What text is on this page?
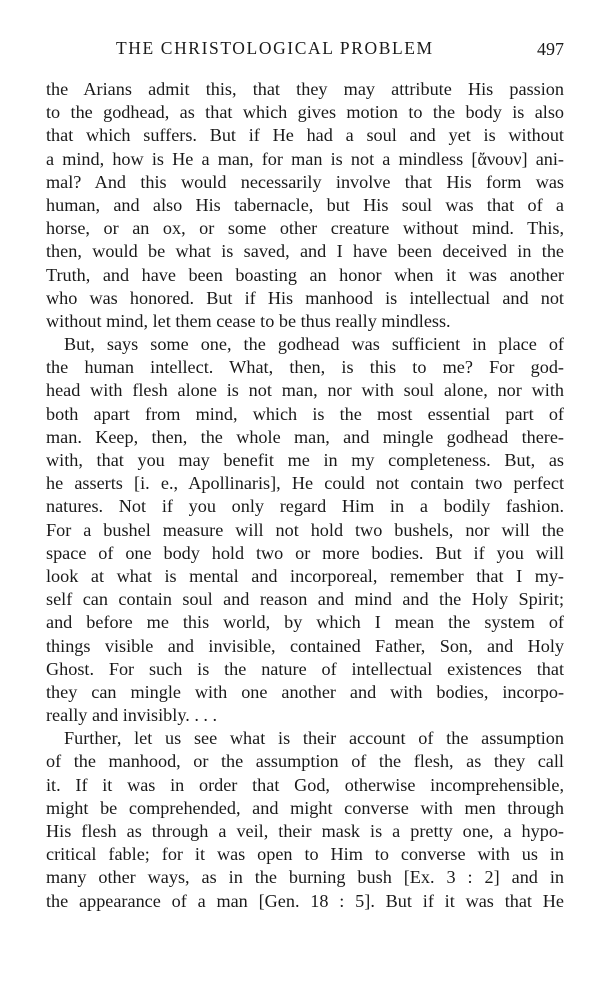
THE CHRISTOLOGICAL PROBLEM	497
the Arians admit this, that they may attribute His passion
to the godhead, as that which gives motion to the body is also
that which suffers. But if He had a soul and yet is without
a mind, how is He a man, for man is not a mindless [ἄνουν] ani-
mal? And this would necessarily involve that His form was
human, and also His tabernacle, but His soul was that of a
horse, or an ox, or some other creature without mind. This,
then, would be what is saved, and I have been deceived in the
Truth, and have been boasting an honor when it was another
who was honored. But if His manhood is intellectual and not
without mind, let them cease to be thus really mindless.
But, says some one, the godhead was sufficient in place of
the human intellect. What, then, is this to me? For god-
head with flesh alone is not man, nor with soul alone, nor with
both apart from mind, which is the most essential part of
man. Keep, then, the whole man, and mingle godhead there-
with, that you may benefit me in my completeness. But, as
he asserts [i. e., Apollinaris], He could not contain two perfect
natures. Not if you only regard Him in a bodily fashion.
For a bushel measure will not hold two bushels, nor will the
space of one body hold two or more bodies. But if you will
look at what is mental and incorporeal, remember that I my-
self can contain soul and reason and mind and the Holy Spirit;
and before me this world, by which I mean the system of
things visible and invisible, contained Father, Son, and Holy
Ghost. For such is the nature of intellectual existences that
they can mingle with one another and with bodies, incorpo-
really and invisibly. . . .
Further, let us see what is their account of the assumption
of the manhood, or the assumption of the flesh, as they call
it. If it was in order that God, otherwise incomprehensible,
might be comprehended, and might converse with men through
His flesh as through a veil, their mask is a pretty one, a hypo-
critical fable; for it was open to Him to converse with us in
many other ways, as in the burning bush [Ex. 3 : 2] and in
the appearance of a man [Gen. 18 : 5]. But if it was that He
